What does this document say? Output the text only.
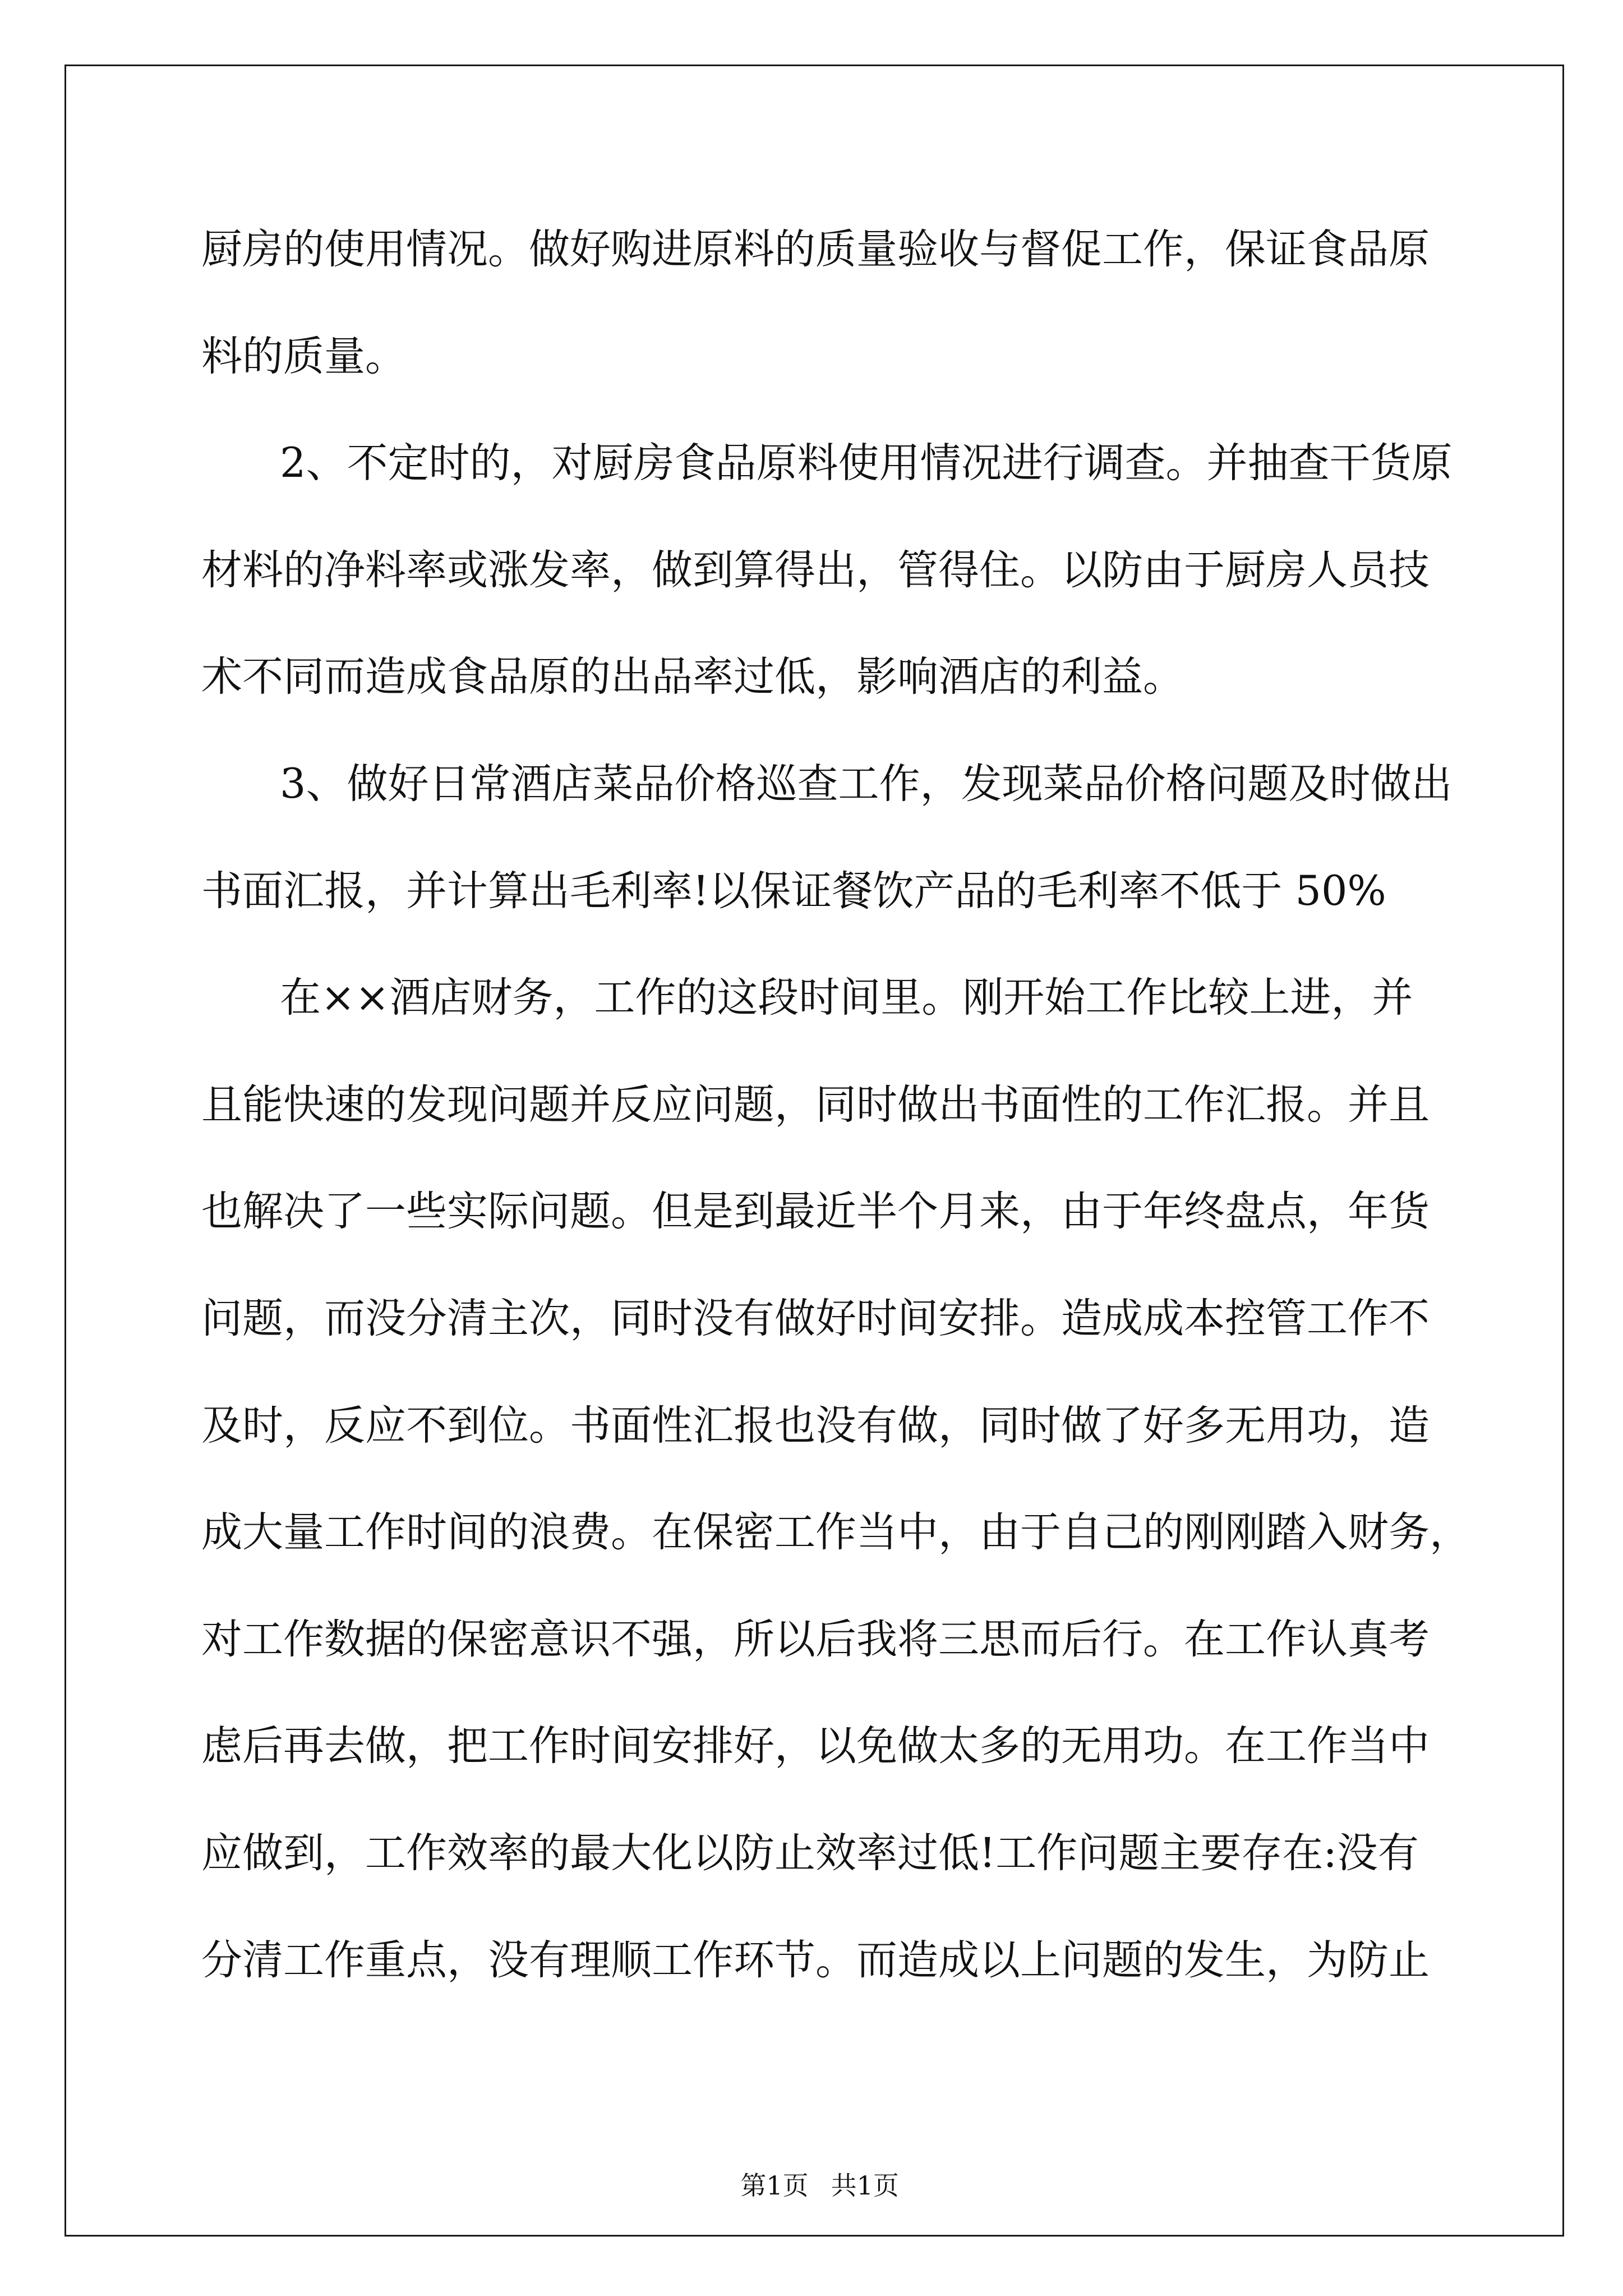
厨房的使用情况。做好购进原料的质量验收与督促工作，保证食品原
料的质量。
2、不定时的，对厨房食品原料使用情况进行调查。并抽查干货原
材料的净料率或涨发率，做到算得出，管得住。以防由于厨房人员技
术不同而造成食品原的出品率过低，影响酒店的利益。
3、做好日常酒店菜品价格巡查工作，发现菜品价格问题及时做出
书面汇报，并计算出毛利率!以保证餐饮产品的毛利率不低于 50%
在××酒店财务，工作的这段时间里。刚开始工作比较上进，并
且能快速的发现问题并反应问题，同时做出书面性的工作汇报。并且
也解决了一些实际问题。但是到最近半个月来，由于年终盘点，年货
问题，而没分清主次，同时没有做好时间安排。造成成本控管工作不
及时，反应不到位。书面性汇报也没有做，同时做了好多无用功，造
成大量工作时间的浪费。在保密工作当中，由于自己的刚刚踏入财务，
对工作数据的保密意识不强，所以后我将三思而后行。在工作认真考
虑后再去做，把工作时间安排好，以免做太多的无用功。在工作当中
应做到，工作效率的最大化以防止效率过低!工作问题主要存在:没有
分清工作重点，没有理顺工作环节。而造成以上问题的发生，为防止

第1页 共1页
